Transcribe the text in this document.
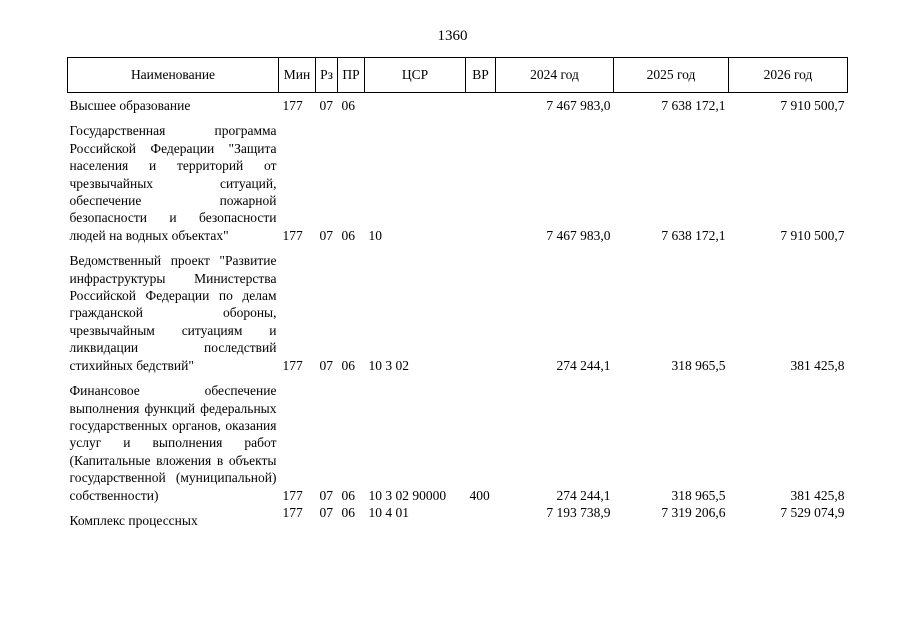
1360
Наименование	Мин	Рз	ПР	ЦСР	ВР	2024 год	2025 год	2026 год
Высшее образование	177	07	06			7 467 983,0	7 638 172,1	7 910 500,7
Государственная программа Российской Федерации "Защита населения и территорий от чрезвычайных ситуаций, обеспечение пожарной безопасности и безопасности людей на водных объектах"	177	07	06	10		7 467 983,0	7 638 172,1	7 910 500,7
Ведомственный проект "Развитие инфраструктуры Министерства Российской Федерации по делам гражданской обороны, чрезвычайным ситуациям и ликвидации последствий стихийных бедствий"	177	07	06	10 3 02		274 244,1	318 965,5	381 425,8
Финансовое обеспечение выполнения функций федеральных государственных органов, оказания услуг и выполнения работ (Капитальные вложения в объекты государственной (муниципальной) собственности)	177	07	06	10 3 02 90000	400	274 244,1	318 965,5	381 425,8
Комплекс процессных	177	07	06	10 4 01		7 193 738,9	7 319 206,6	7 529 074,9
